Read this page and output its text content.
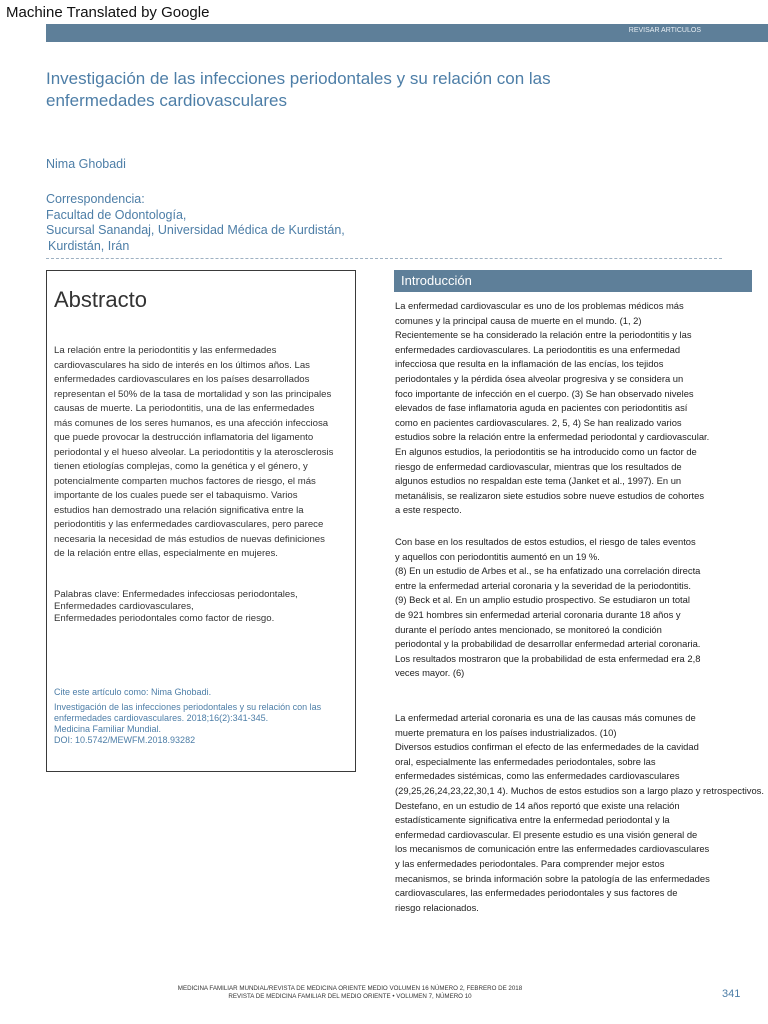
Machine Translated by Google
REVISAR ARTICULOS
Investigación de las infecciones periodontales y su relación con las enfermedades cardiovasculares
Nima Ghobadi
Correspondencia:
Facultad de Odontología,
Sucursal Sanandaj, Universidad Médica de Kurdistán,
Kurdistán, Irán
Abstracto
La relación entre la periodontitis y las enfermedades
cardiovasculares ha sido de interés en los últimos años. Las
enfermedades cardiovasculares en los países desarrollados
representan el 50% de la tasa de mortalidad y son las principales
causas de muerte. La periodontitis, una de las enfermedades
más comunes de los seres humanos, es una afección infecciosa
que puede provocar la destrucción inflamatoria del ligamento
periodontal y el hueso alveolar. La periodontitis y la aterosclerosis
tienen etiologías complejas, como la genética y el género, y
potencialmente comparten muchos factores de riesgo, el más
importante de los cuales puede ser el tabaquismo. Varios
estudios han demostrado una relación significativa entre la
periodontitis y las enfermedades cardiovasculares, pero parece
necesaria la necesidad de más estudios de nuevas definiciones
de la relación entre ellas, especialmente en mujeres.
Palabras clave: Enfermedades infecciosas periodontales,
Enfermedades cardiovasculares,
Enfermedades periodontales como factor de riesgo.
Cite este artículo como: Nima Ghobadi.
Investigación de las infecciones periodontales y su relación con las
enfermedades cardiovasculares. 2018;16(2):341-345.
Medicina Familiar Mundial.
DOI: 10.5742/MEWFM.2018.93282
Introducción
La enfermedad cardiovascular es uno de los problemas médicos más
comunes y la principal causa de muerte en el mundo. (1, 2)
Recientemente se ha considerado la relación entre la periodontitis y las
enfermedades cardiovasculares. La periodontitis es una enfermedad
infecciosa que resulta en la inflamación de las encías, los tejidos
periodontales y la pérdida ósea alveolar progresiva y se considera un
foco importante de infección en el cuerpo. (3) Se han observado niveles
elevados de fase inflamatoria aguda en pacientes con periodontitis así
como en pacientes cardiovasculares. 2, 5, 4) Se han realizado varios
estudios sobre la relación entre la enfermedad periodontal y cardiovascular.
En algunos estudios, la periodontitis se ha introducido como un factor de
riesgo de enfermedad cardiovascular, mientras que los resultados de
algunos estudios no respaldan este tema (Janket et al., 1997). En un
metanálisis, se realizaron siete estudios sobre nueve estudios de cohortes
a este respecto.
Con base en los resultados de estos estudios, el riesgo de tales eventos
y aquellos con periodontitis aumentó en un 19 %.
(8) En un estudio de Arbes et al., se ha enfatizado una correlación directa
entre la enfermedad arterial coronaria y la severidad de la periodontitis.
(9) Beck et al. En un amplio estudio prospectivo. Se estudiaron un total
de 921 hombres sin enfermedad arterial coronaria durante 18 años y
durante el período antes mencionado, se monitoreó la condición
periodontal y la probabilidad de desarrollar enfermedad arterial coronaria.
Los resultados mostraron que la probabilidad de esta enfermedad era 2,8
veces mayor. (6)
La enfermedad arterial coronaria es una de las causas más comunes de
muerte prematura en los países industrializados. (10)
Diversos estudios confirman el efecto de las enfermedades de la cavidad
oral, especialmente las enfermedades periodontales, sobre las
enfermedades sistémicas, como las enfermedades cardiovasculares
(29,25,26,24,23,22,30,1 4). Muchos de estos estudios son a largo plazo y retrospectivos.
Destefano, en un estudio de 14 años reportó que existe una relación
estadísticamente significativa entre la enfermedad periodontal y la
enfermedad cardiovascular. El presente estudio es una visión general de
los mecanismos de comunicación entre las enfermedades cardiovasculares
y las enfermedades periodontales. Para comprender mejor estos
mecanismos, se brinda información sobre la patología de las enfermedades
cardiovasculares, las enfermedades periodontales y sus factores de
riesgo relacionados.
MEDICINA FAMILIAR MUNDIAL/REVISTA DE MEDICINA ORIENTE MEDIO VOLUMEN 16 NÚMERO 2, FEBRERO DE 2018
REVISTA DE MEDICINA FAMILIAR DEL MEDIO ORIENTE • VOLUMEN 7, NÚMERO 10	341
